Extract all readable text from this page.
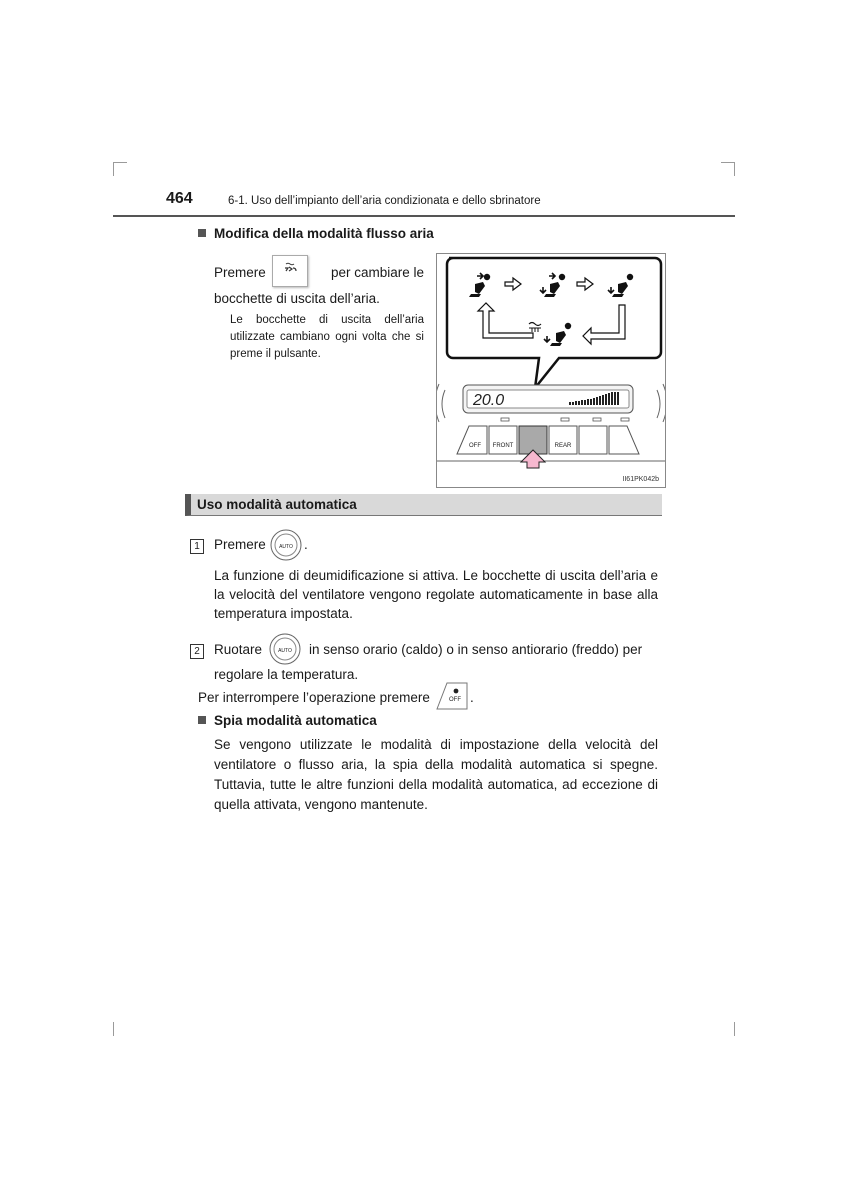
464	6-1. Uso dell’impianto dell’aria condizionata e dello sbrinatore
Modifica della modalità flusso aria
Premere	per cambiare le
bocchette di uscita dell’aria.
Le bocchette di uscita dell’aria utilizzate cambiano ogni volta che si preme il pulsante.
20.0
OFF FRONT	REAR
II61PK042b
Uso modalità automatica
1	Premere	AUTO .
La funzione di deumidificazione si attiva. Le bocchette di uscita dell’aria e la velocità del ventilatore vengono regolate automaticamente in base alla temperatura impostata.
2	Ruotare	AUTO in senso orario (caldo) o in senso antiorario (freddo) per
regolare la temperatura.
Per interrompere l’operazione premere	OFF .
Spia modalità automatica
Se vengono utilizzate le modalità di impostazione della velocità del ventilatore o flusso aria, la spia della modalità automatica si spegne. Tuttavia, tutte le altre funzioni della modalità automatica, ad eccezione di quella attivata, vengono mantenute.
